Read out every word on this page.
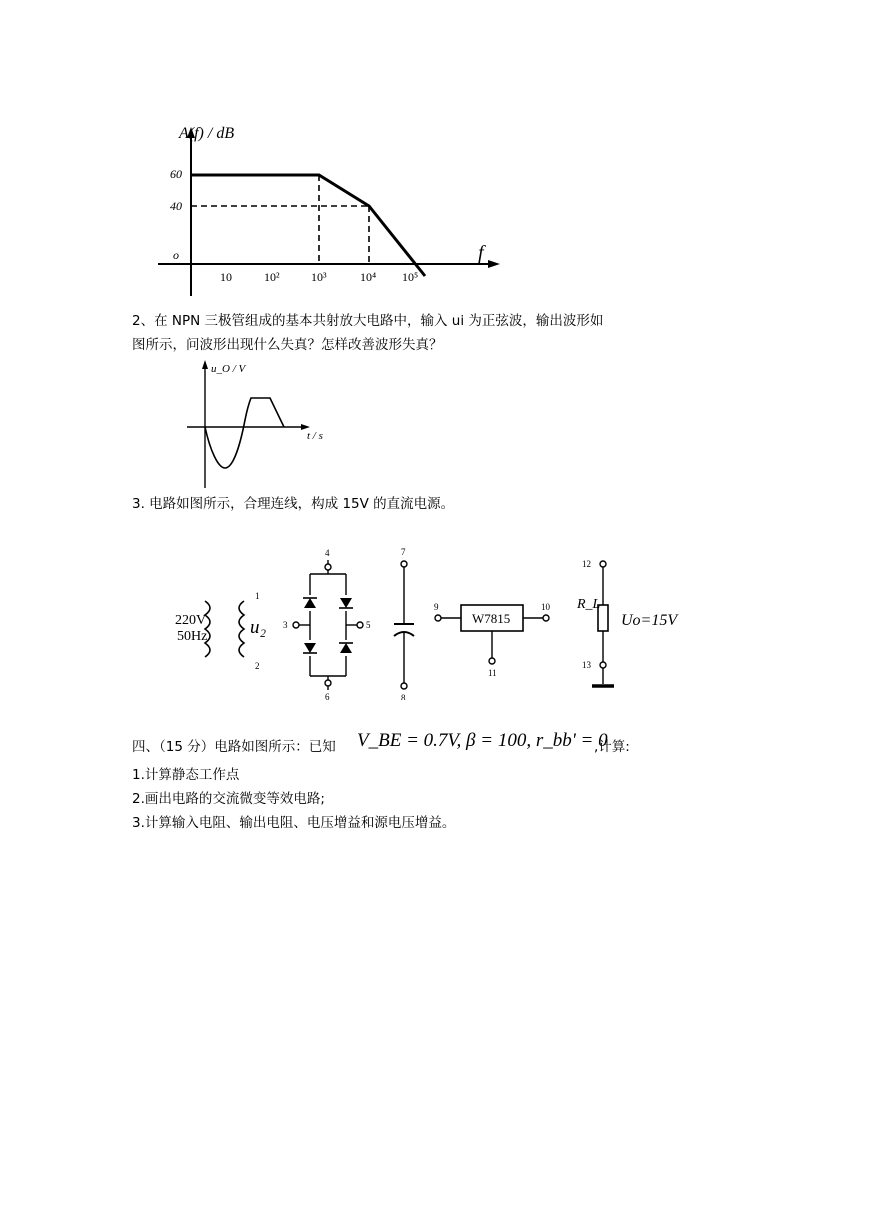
A(f) / dB
f
60
40
o
10	10²	10³	10⁴ 10⁵
2、在 NPN 三极管组成的基本共射放大电路中，输入 ui 为正弦波，输出波形如
图所示，问波形出现什么失真？怎样改善波形失真？
u_O / V
t / s
3. 电路如图所示，合理连线，构成 15V 的直流电源。
220V
50Hz u₂
1
2
4
6
3	5
7
8
9
W7815
10
11
12
13
R_L
Uo=15V
四、（15 分）电路如图所示：已知 V_BE = 0.7V, β = 100, r_bb' = 0
,计算:
1.计算静态工作点
2.画出电路的交流微变等效电路;
3.计算输入电阻、输出电阻、电压增益和源电压增益。
